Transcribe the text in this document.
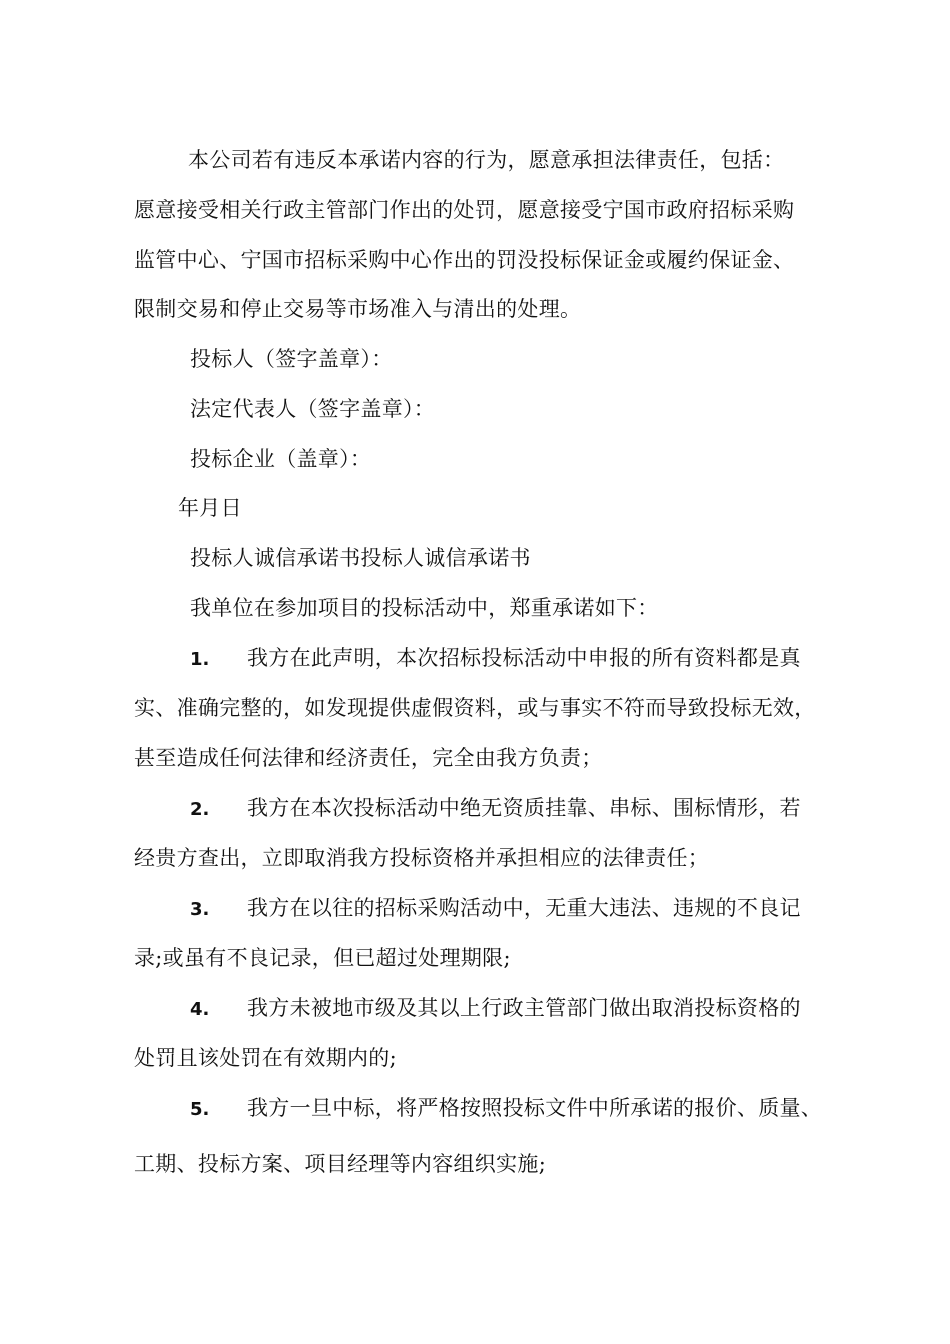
本公司若有违反本承诺内容的行为，愿意承担法律责任，包括：
愿意接受相关行政主管部门作出的处罚，愿意接受宁国市政府招标采购
监管中心、宁国市招标采购中心作出的罚没投标保证金或履约保证金、
限制交易和停止交易等市场准入与清出的处理。
投标人（签字盖章）：
法定代表人（签字盖章）：
投标企业（盖章）：
年月日
投标人诚信承诺书投标人诚信承诺书
我单位在参加项目的投标活动中，郑重承诺如下：
1. 我方在此声明，本次招标投标活动中申报的所有资料都是真
实、准确完整的，如发现提供虚假资料，或与事实不符而导致投标无效，
甚至造成任何法律和经济责任，完全由我方负责；
2. 我方在本次投标活动中绝无资质挂靠、串标、围标情形，若
经贵方查出，立即取消我方投标资格并承担相应的法律责任；
3. 我方在以往的招标采购活动中，无重大违法、违规的不良记
录;或虽有不良记录，但已超过处理期限;
4. 我方未被地市级及其以上行政主管部门做出取消投标资格的
处罚且该处罚在有效期内的;
5. 我方一旦中标，将严格按照投标文件中所承诺的报价、质量、
工期、投标方案、项目经理等内容组织实施;
